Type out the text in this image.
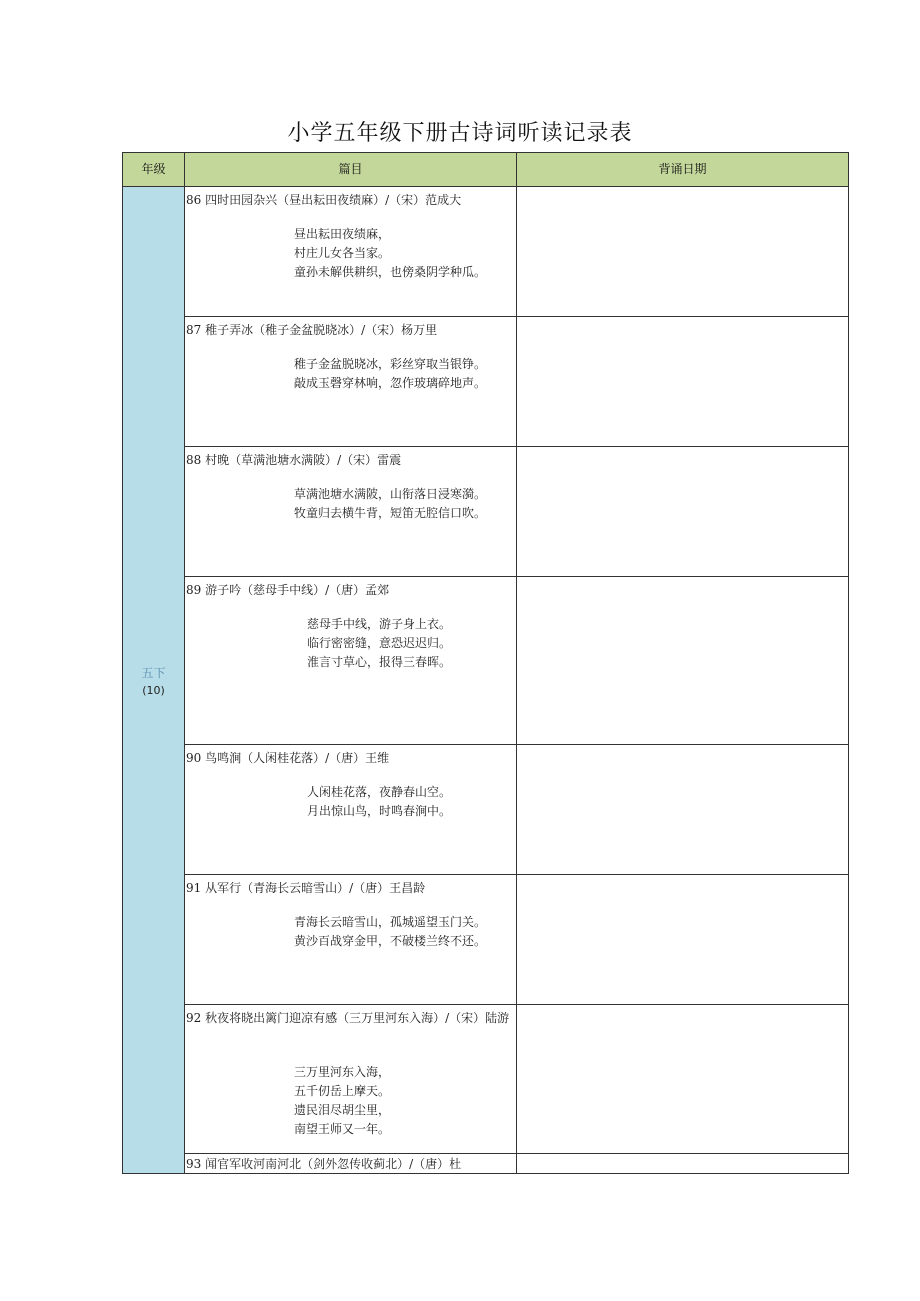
小学五年级下册古诗词听读记录表
年级	篇目	背诵日期
五下
(10)
86 四时田园杂兴（昼出耘田夜绩麻）/（宋）范成大
昼出耘田夜绩麻，
村庄儿女各当家。
童孙未解供耕织，也傍桑阴学种瓜。
87 稚子弄冰（稚子金盆脱晓冰）/（宋）杨万里
稚子金盆脱晓冰，彩丝穿取当银铮。
敲成玉磬穿林响，忽作玻璃碎地声。
88 村晚（草满池塘水满陂）/（宋）雷震
草满池塘水满陂，山衔落日浸寒漪。
牧童归去横牛背，短笛无腔信口吹。
89 游子吟（慈母手中线）/（唐）孟郊
慈母手中线，游子身上衣。
临行密密缝，意恐迟迟归。
淮言寸草心，报得三春晖。
90 鸟鸣涧（人闲桂花落）/（唐）王维
人闲桂花落，夜静春山空。
月出惊山鸟，时鸣春涧中。
91 从军行（青海长云暗雪山）/（唐）王昌龄
青海长云暗雪山，孤城遥望玉门关。
黄沙百战穿金甲，不破楼兰终不还。
92 秋夜将晓出篱门迎凉有感（三万里河东入海）/（宋）陆游
三万里河东入海，
五千仞岳上摩天。
遗民泪尽胡尘里，
南望王师又一年。
93 闻官军收河南河北（剑外忽传收蓟北）/（唐）杜
